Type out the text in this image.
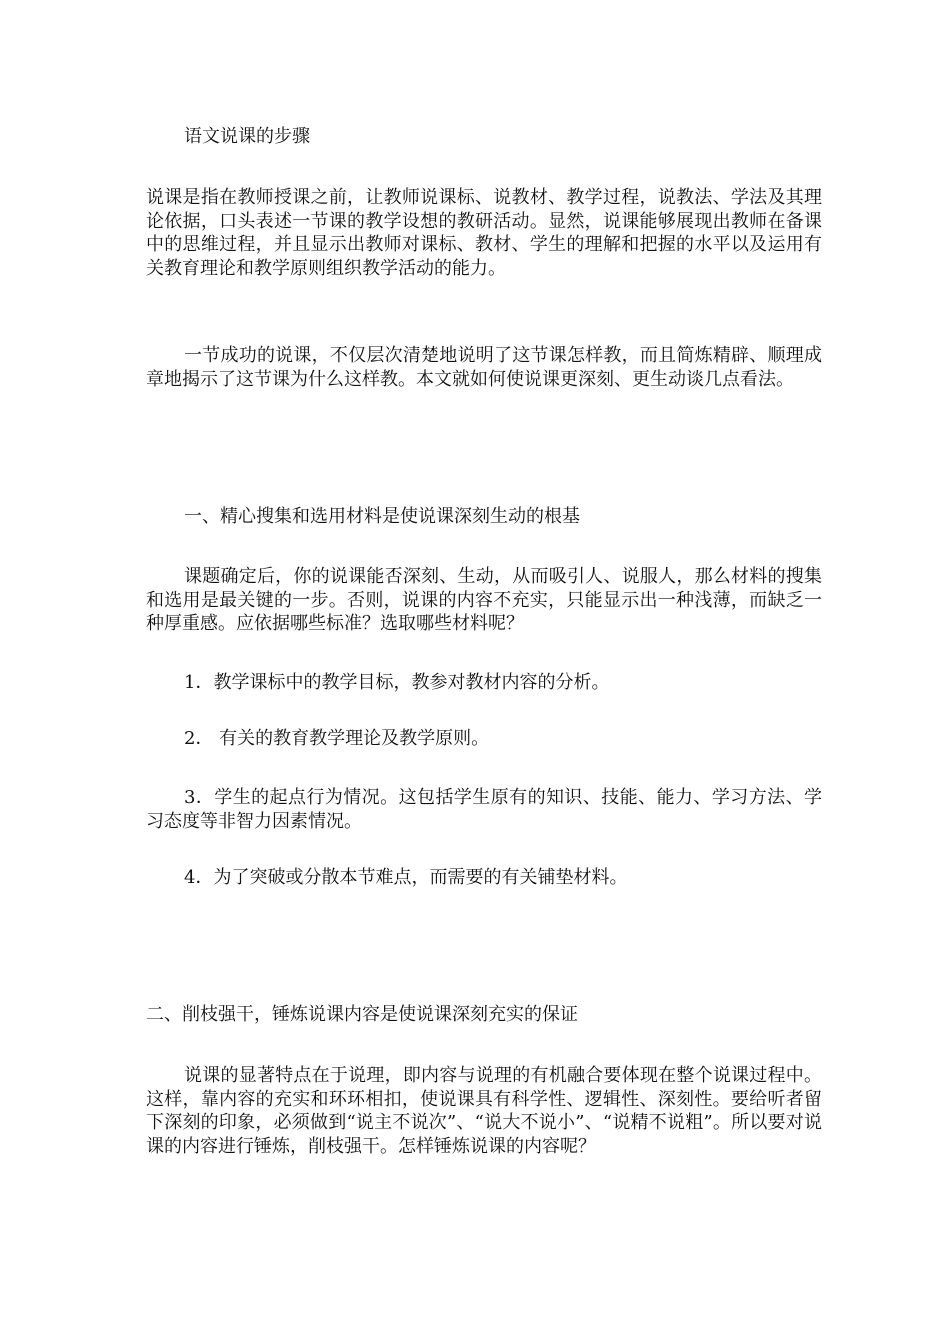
语文说课的步骤
说课是指在教师授课之前，让教师说课标、说教材、教学过程，说教法、学法及其理论依据，口头表述一节课的教学设想的教研活动。显然，说课能够展现出教师在备课中的思维过程，并且显示出教师对课标、教材、学生的理解和把握的水平以及运用有关教育理论和教学原则组织教学活动的能力。
一节成功的说课，不仅层次清楚地说明了这节课怎样教，而且简炼精辟、顺理成章地揭示了这节课为什么这样教。本文就如何使说课更深刻、更生动谈几点看法。
一、精心搜集和选用材料是使说课深刻生动的根基
课题确定后，你的说课能否深刻、生动，从而吸引人、说服人，那么材料的搜集和选用是最关键的一步。否则，说课的内容不充实，只能显示出一种浅薄，而缺乏一种厚重感。应依据哪些标准？选取哪些材料呢？
1．教学课标中的教学目标，教参对教材内容的分析。
2． 有关的教育教学理论及教学原则。
3．学生的起点行为情况。这包括学生原有的知识、技能、能力、学习方法、学习态度等非智力因素情况。
4．为了突破或分散本节难点，而需要的有关铺垫材料。
二、削枝强干，锤炼说课内容是使说课深刻充实的保证
说课的显著特点在于说理，即内容与说理的有机融合要体现在整个说课过程中。这样，靠内容的充实和环环相扣，使说课具有科学性、逻辑性、深刻性。要给听者留下深刻的印象，必须做到“说主不说次”、“说大不说小”、“说精不说粗”。所以要对说课的内容进行锤炼，削枝强干。怎样锤炼说课的内容呢？
